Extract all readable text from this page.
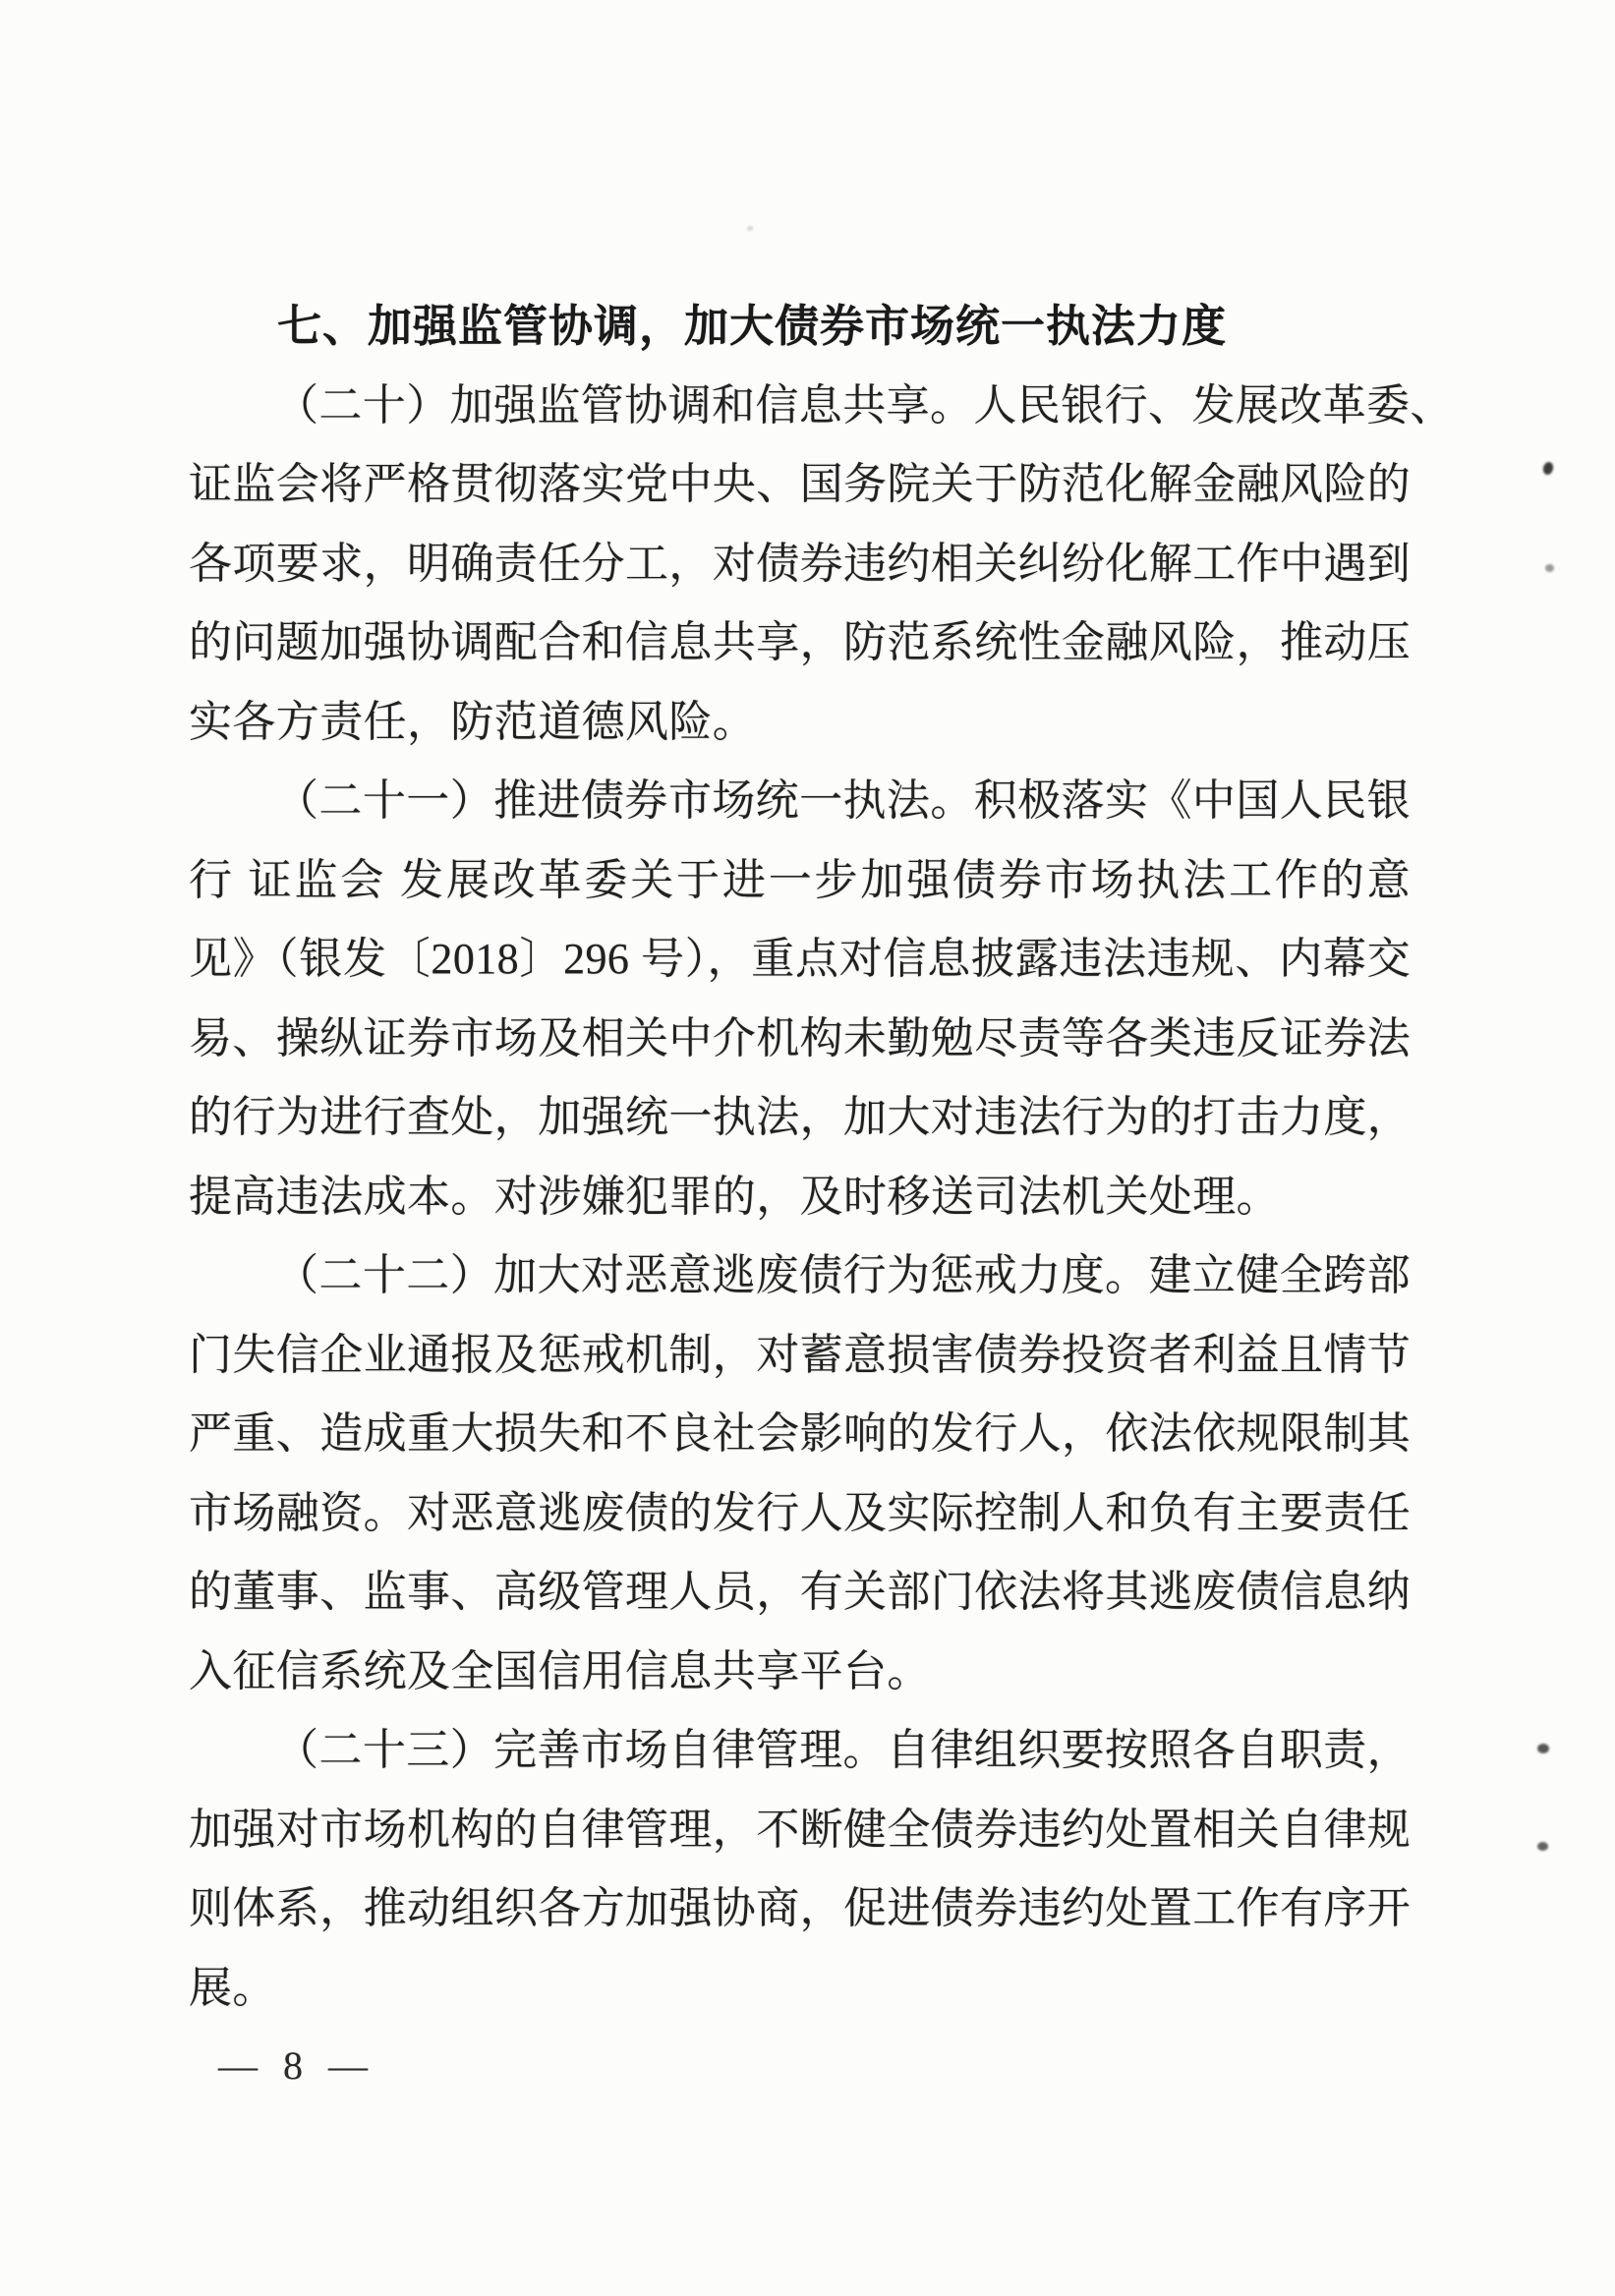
七、加强监管协调，加大债券市场统一执法力度
（二十）加强监管协调和信息共享。人民银行、发展改革委、
证监会将严格贯彻落实党中央、国务院关于防范化解金融风险的
各项要求，明确责任分工，对债券违约相关纠纷化解工作中遇到
的问题加强协调配合和信息共享，防范系统性金融风险，推动压
实各方责任，防范道德风险。
（二十一）推进债券市场统一执法。积极落实《中国人民银
行 证监会 发展改革委关于进一步加强债券市场执法工作的意
见》（银发〔2018〕296 号），重点对信息披露违法违规、内幕交
易、操纵证券市场及相关中介机构未勤勉尽责等各类违反证券法
的行为进行查处，加强统一执法，加大对违法行为的打击力度，
提高违法成本。对涉嫌犯罪的，及时移送司法机关处理。
（二十二）加大对恶意逃废债行为惩戒力度。建立健全跨部
门失信企业通报及惩戒机制，对蓄意损害债券投资者利益且情节
严重、造成重大损失和不良社会影响的发行人，依法依规限制其
市场融资。对恶意逃废债的发行人及实际控制人和负有主要责任
的董事、监事、高级管理人员，有关部门依法将其逃废债信息纳
入征信系统及全国信用信息共享平台。
（二十三）完善市场自律管理。自律组织要按照各自职责，
加强对市场机构的自律管理，不断健全债券违约处置相关自律规
则体系，推动组织各方加强协商，促进债券违约处置工作有序开
展。
— 8 —
